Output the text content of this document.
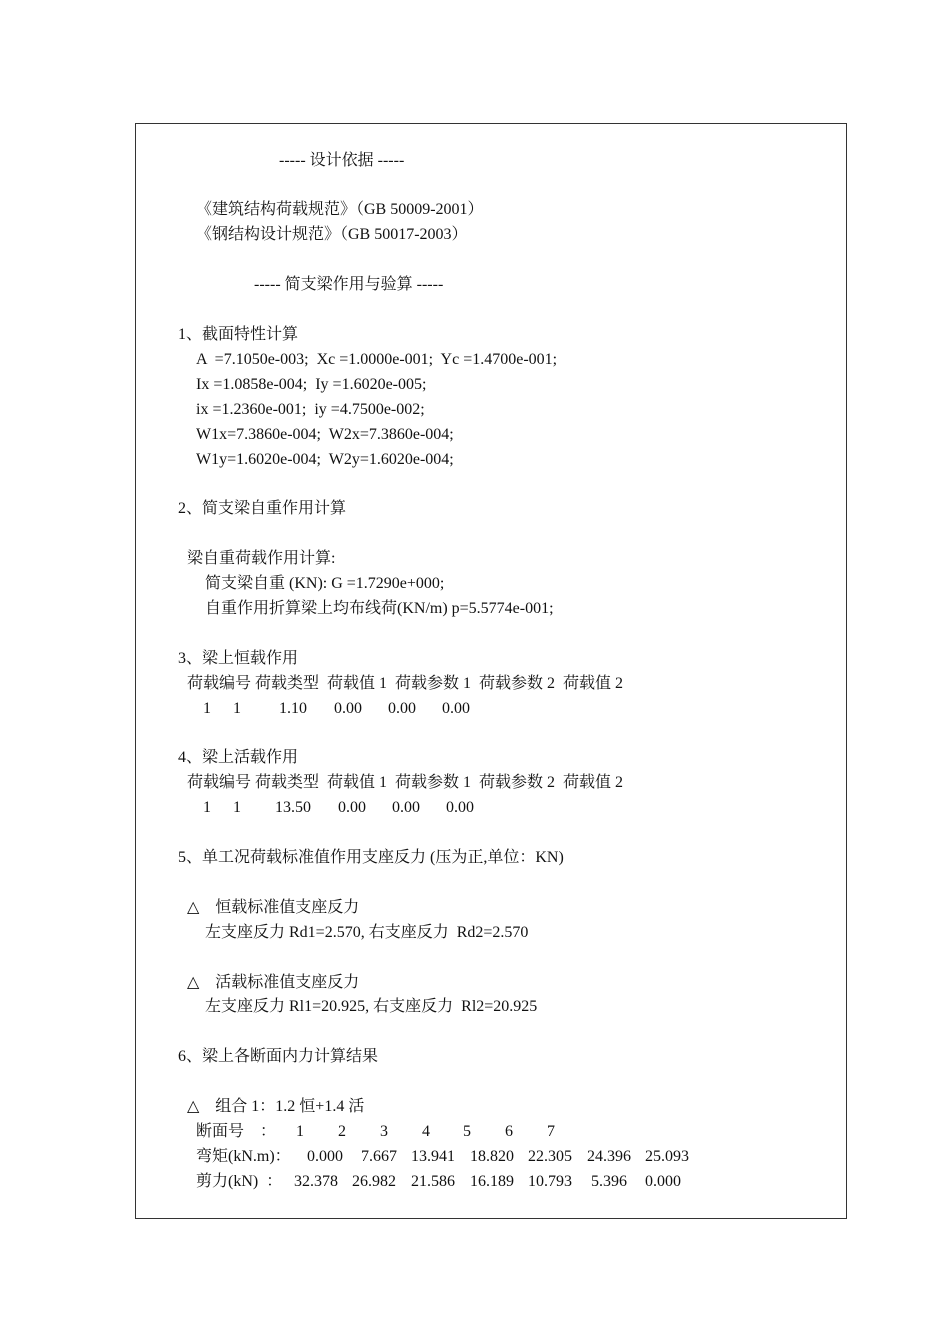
----- 设计依据 -----
《建筑结构荷载规范》（GB 50009-2001）
《钢结构设计规范》（GB 50017-2003）
----- 简支梁作用与验算 -----
1、截面特性计算
A  =7.1050e-003;  Xc =1.0000e-001;  Yc =1.4700e-001;
Ix =1.0858e-004;  Iy =1.6020e-005;
ix =1.2360e-001;  iy =4.7500e-002;
W1x=7.3860e-004;  W2x=7.3860e-004;
W1y=1.6020e-004;  W2y=1.6020e-004;
2、简支梁自重作用计算
梁自重荷载作用计算:
简支梁自重 (KN): G =1.7290e+000;
自重作用折算梁上均布线荷(KN/m) p=5.5774e-001;
3、梁上恒载作用
荷载编号 荷载类型  荷载值 1  荷载参数 1  荷载参数 2  荷载值 2
1 1 1.10 0.00 0.00 0.00
4、梁上活载作用
荷载编号 荷载类型  荷载值 1  荷载参数 1  荷载参数 2  荷载值 2
1 1 13.50 0.00 0.00 0.00
5、单工况荷载标准值作用支座反力 (压为正,单位：KN)
△    恒载标准值支座反力
左支座反力 Rd1=2.570, 右支座反力  Rd2=2.570
△    活载标准值支座反力
左支座反力 Rl1=20.925, 右支座反力  Rl2=20.925
6、梁上各断面内力计算结果
△    组合 1：1.2 恒+1.4 活
断面号    ： 1 2 3 4 5 6 7
弯矩(kN.m)： 0.000 7.667 13.941 18.820 22.305 24.396 25.093
剪力(kN)  ： 32.378 26.982 21.586 16.189 10.793 5.396 0.000
